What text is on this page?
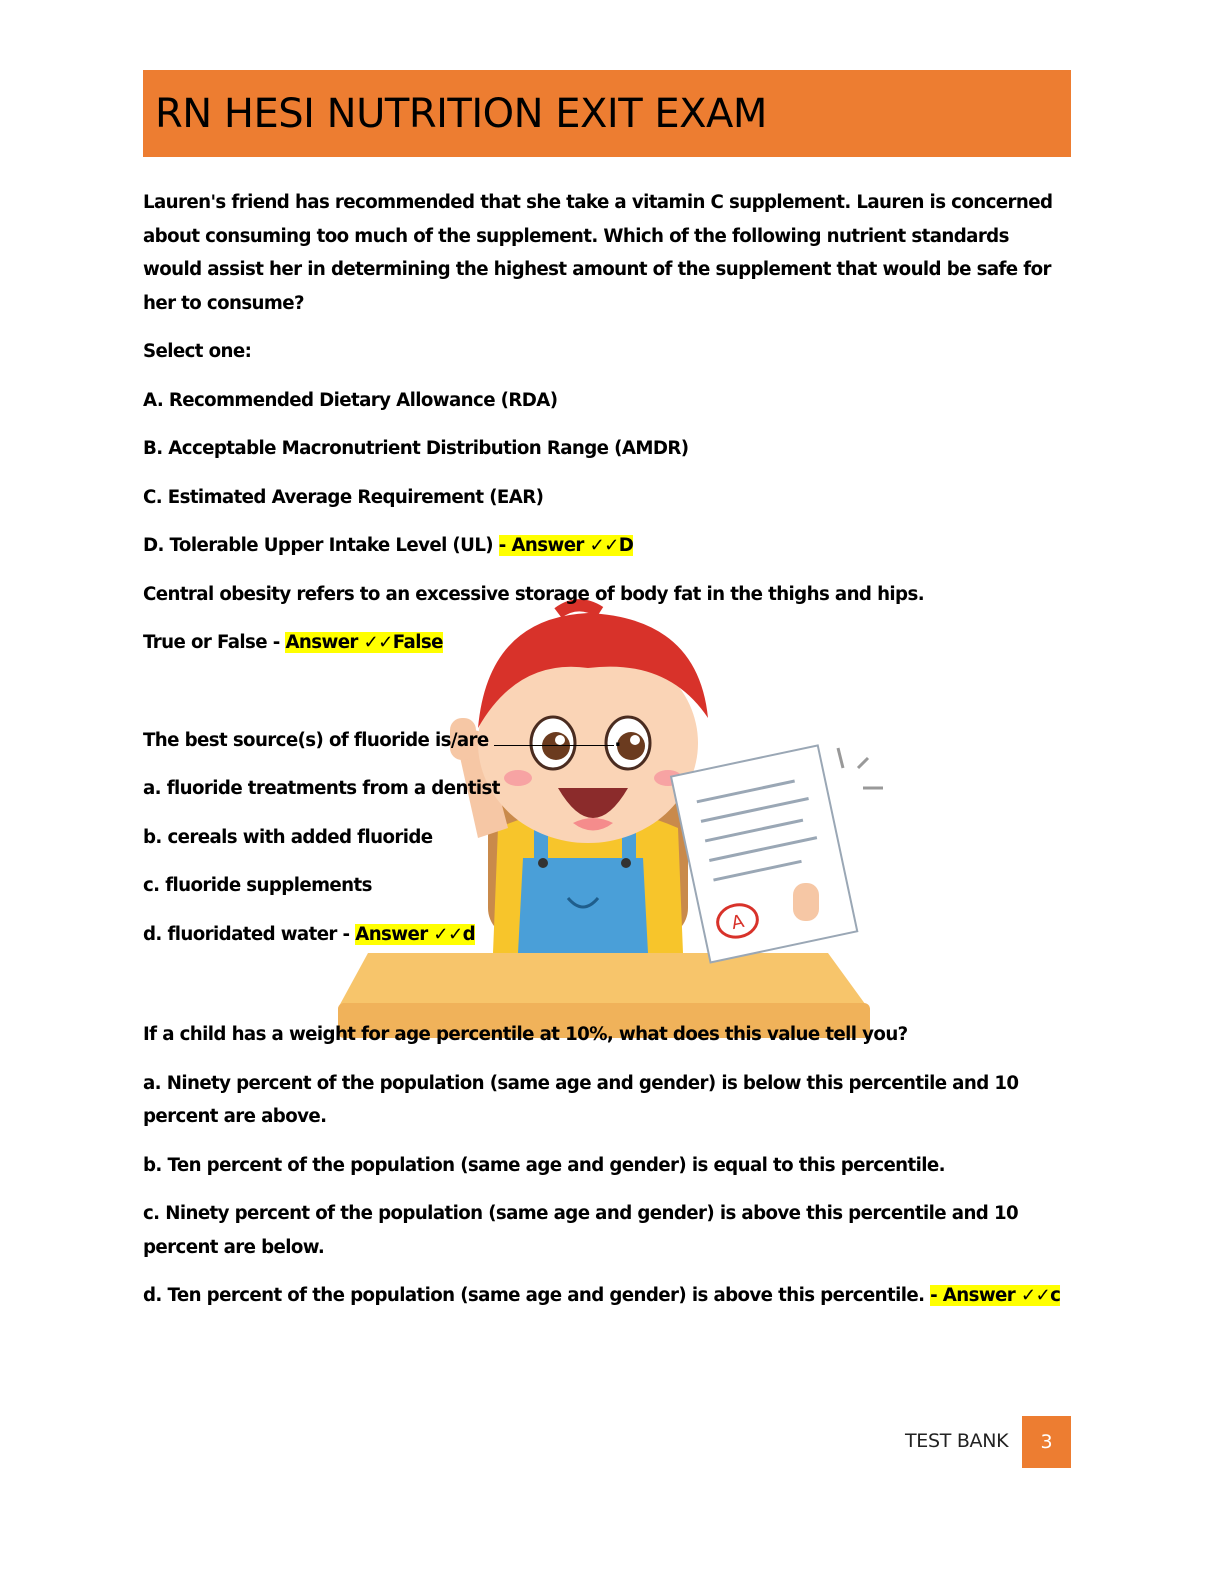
RN HESI NUTRITION EXIT EXAM
A

Lauren's friend has recommended that she take a vitamin C supplement. Lauren is concerned about consuming too much of the supplement. Which of the following nutrient standards would assist her in determining the highest amount of the supplement that would be safe for her to consume?

Select one:

A. Recommended Dietary Allowance (RDA)

B. Acceptable Macronutrient Distribution Range (AMDR)

C. Estimated Average Requirement (EAR)

D. Tolerable Upper Intake Level (UL) - Answer ✓✓D

Central obesity refers to an excessive storage of body fat in the thighs and hips.

True or False - Answer ✓✓False

The best source(s) of fluoride is/are	.

a. fluoride treatments from a dentist

b. cereals with added fluoride

c. fluoride supplements

d. fluoridated water - Answer ✓✓d

If a child has a weight for age percentile at 10%, what does this value tell you?

a. Ninety percent of the population (same age and gender) is below this percentile and 10 percent are above.

b. Ten percent of the population (same age and gender) is equal to this percentile.

c. Ninety percent of the population (same age and gender) is above this percentile and 10 percent are below.

d. Ten percent of the population (same age and gender) is above this percentile. - Answer ✓✓c

TEST BANK	3
